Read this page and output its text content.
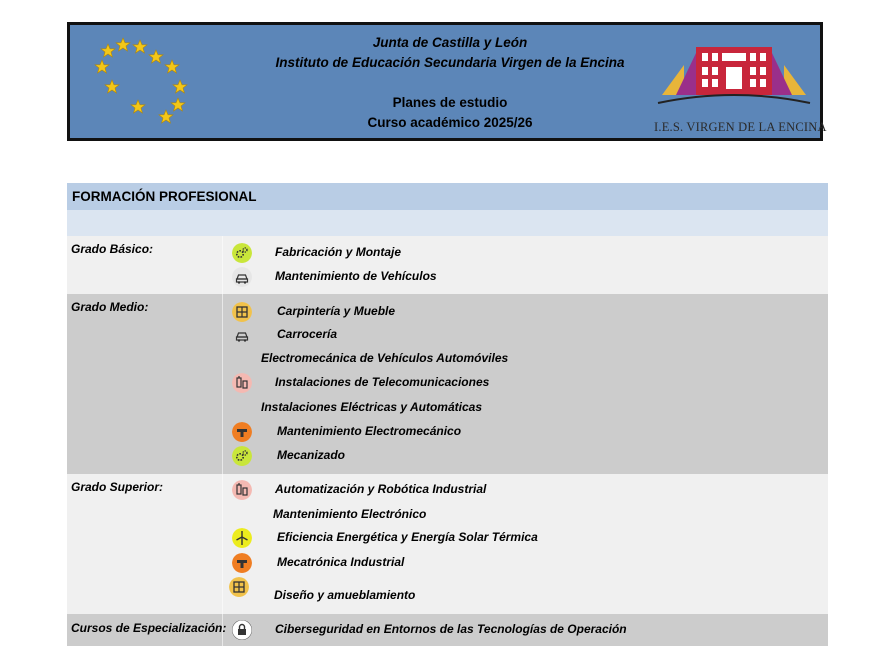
Junta de Castilla y León
Instituto de Educación Secundaria Virgen de la Encina
Planes de estudio
Curso académico 2025/26	I.E.S. VIRGEN DE LA ENCINA
FORMACIÓN PROFESIONAL
Grado Básico:	Fabricación y Montaje
Mantenimiento de Vehículos
Grado Medio:	Carpintería y Mueble
Carrocería
Electromecánica de Vehículos Automóviles
Instalaciones de Telecomunicaciones
Instalaciones Eléctricas y Automáticas
Mantenimiento Electromecánico
Mecanizado
Grado Superior:	Automatización y Robótica Industrial
Mantenimiento Electrónico
Eficiencia Energética y Energía Solar Térmica
Mecatrónica Industrial
Diseño y amueblamiento
Cursos de Especialización:	Ciberseguridad en Entornos de las Tecnologías de Operación
